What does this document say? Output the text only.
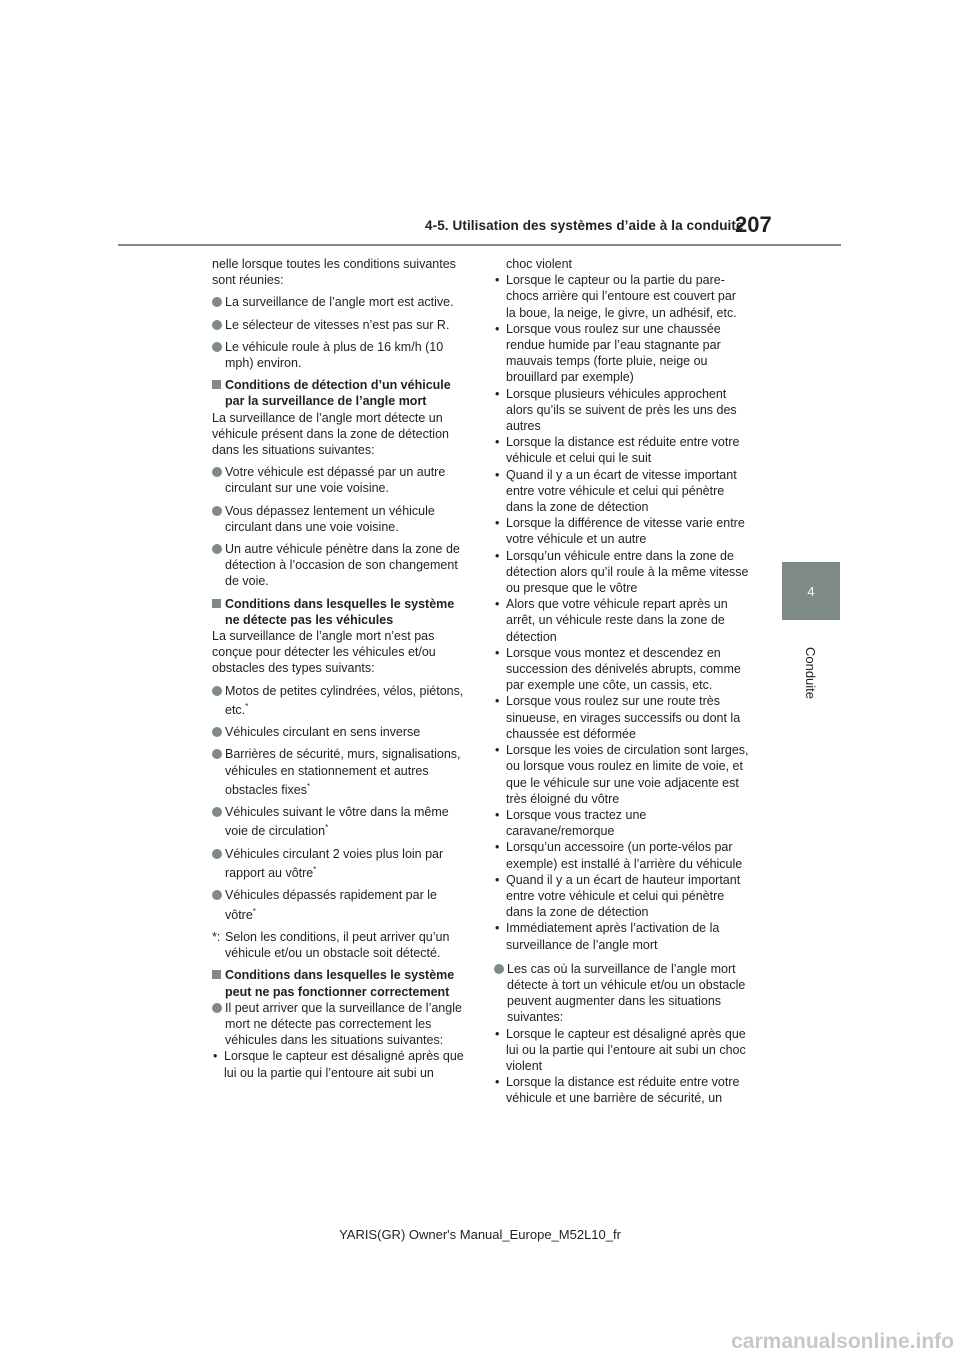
4-5. Utilisation des systèmes d’aide à la conduite
207
4
Conduite

nelle lorsque toutes les conditions suivantes sont réunies:

La surveillance de l’angle mort est active.

Le sélecteur de vitesses n’est pas sur R.

Le véhicule roule à plus de 16 km/h (10 mph) environ.

Conditions de détection d’un véhicule par la surveillance de l’angle mort

La surveillance de l’angle mort détecte un véhicule présent dans la zone de détection dans les situations suivantes:

Votre véhicule est dépassé par un autre circulant sur une voie voisine.

Vous dépassez lentement un véhicule circulant dans une voie voisine.

Un autre véhicule pénètre dans la zone de détection à l’occasion de son changement de voie.

Conditions dans lesquelles le système ne détecte pas les véhicules

La surveillance de l’angle mort n’est pas conçue pour détecter les véhicules et/ou obstacles des types suivants:

Motos de petites cylindrées, vélos, piétons, etc.*

Véhicules circulant en sens inverse

Barrières de sécurité, murs, signalisations, véhicules en stationnement et autres obstacles fixes*

Véhicules suivant le vôtre dans la même voie de circulation*

Véhicules circulant 2 voies plus loin par rapport au vôtre*

Véhicules dépassés rapidement par le vôtre*

*: Selon les conditions, il peut arriver qu’un véhicule et/ou un obstacle soit détecté.

Conditions dans lesquelles le système peut ne pas fonctionner correctement

Il peut arriver que la surveillance de l’angle mort ne détecte pas correctement les véhicules dans les situations suivantes:

• Lorsque le capteur est désaligné après que lui ou la partie qui l’entoure ait subi un

choc violent

• Lorsque le capteur ou la partie du pare-chocs arrière qui l’entoure est couvert par la boue, la neige, le givre, un adhésif, etc.

• Lorsque vous roulez sur une chaussée rendue humide par l’eau stagnante par mauvais temps (forte pluie, neige ou brouillard par exemple)

• Lorsque plusieurs véhicules approchent alors qu’ils se suivent de près les uns des autres

• Lorsque la distance est réduite entre votre véhicule et celui qui le suit

• Quand il y a un écart de vitesse important entre votre véhicule et celui qui pénètre dans la zone de détection

• Lorsque la différence de vitesse varie entre votre véhicule et un autre

• Lorsqu’un véhicule entre dans la zone de détection alors qu’il roule à la même vitesse ou presque que le vôtre

• Alors que votre véhicule repart après un arrêt, un véhicule reste dans la zone de détection

• Lorsque vous montez et descendez en succession des dénivelés abrupts, comme par exemple une côte, un cassis, etc.

• Lorsque vous roulez sur une route très sinueuse, en virages successifs ou dont la chaussée est déformée

• Lorsque les voies de circulation sont larges, ou lorsque vous roulez en limite de voie, et que le véhicule sur une voie adjacente est très éloigné du vôtre

• Lorsque vous tractez une caravane/remorque

• Lorsqu’un accessoire (un porte-vélos par exemple) est installé à l’arrière du véhicule

• Quand il y a un écart de hauteur important entre votre véhicule et celui qui pénètre dans la zone de détection

• Immédiatement après l’activation de la surveillance de l’angle mort

Les cas où la surveillance de l’angle mort détecte à tort un véhicule et/ou un obstacle peuvent augmenter dans les situations suivantes:

• Lorsque le capteur est désaligné après que lui ou la partie qui l’entoure ait subi un choc violent

• Lorsque la distance est réduite entre votre véhicule et une barrière de sécurité, un

YARIS(GR) Owner's Manual_Europe_M52L10_fr
carmanualsonline.info
